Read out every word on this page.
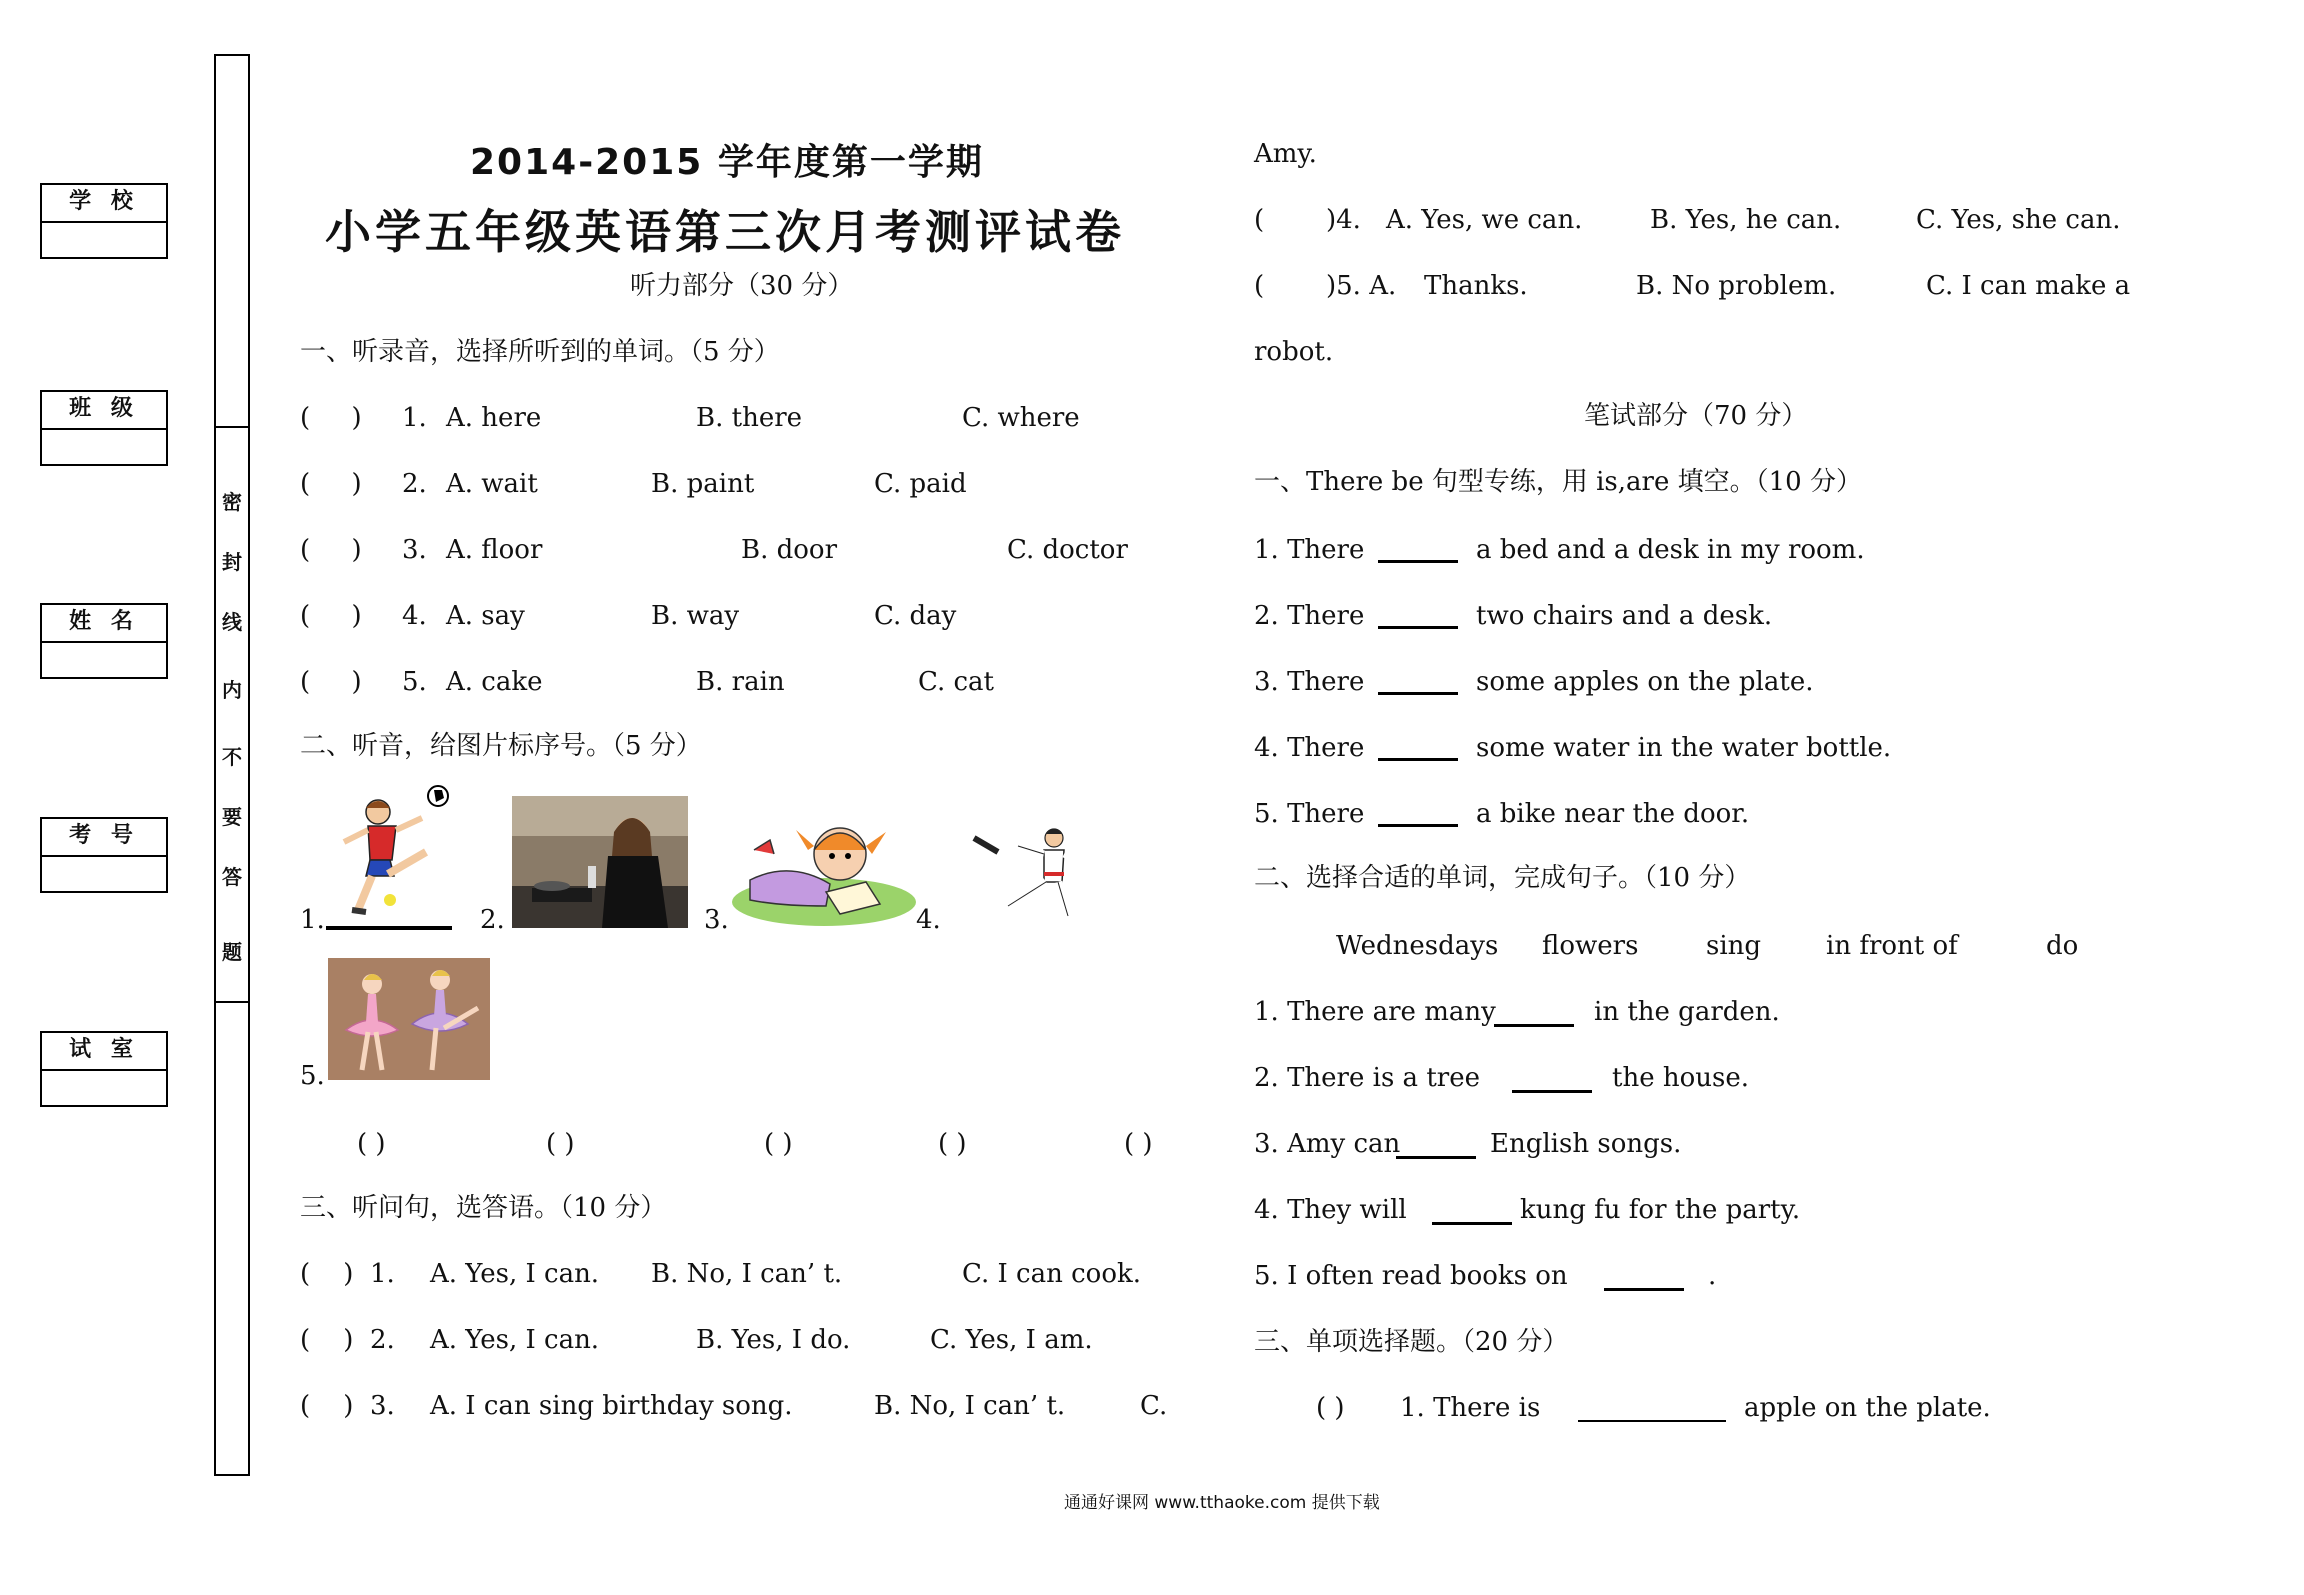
学 校
班 级
姓 名
考 号
试 室
密
封
线
内
不
要
答
题
2014-2015 学年度第一学期
小学五年级英语第三次月考测评试卷
听力部分（30 分）
一、听录音，选择所听到的单词。（5 分）
(     ) 1. A. here	B. there	C. where
(     ) 2. A. wait	B. paint	C. paid
(     ) 3. A. floor	B. door	C. doctor
(     ) 4. A. say	B. way	C. day
(     ) 5. A. cake	B. rain	C. cat
二、听音，给图片标序号。（5 分）
1.	2.	3.	4.
5.
( )	( )	( )	( )	( )
三、听问句，选答语。（10 分）
(    ) 1. A. Yes, I can. B. No, I can’ t.	C. I can cook.
(    ) 2. A. Yes, I can.	B. Yes, I do.	C. Yes, I am.
(    ) 3. A. I can sing birthday song.	B. No, I can’ t.	C.
Amy.
( )4. A. Yes, we can.	B. Yes, he can.	C. Yes, she can.
( )5. A. Thanks.	B. No problem.	C. I can make a
robot.
笔试部分（70 分）
一、There be 句型专练，用 is,are 填空。（10 分）
1. There	a bed and a desk in my room.
2. There	two chairs and a desk.
3. There	some apples on the plate.
4. There	some water in the water bottle.
5. There	a bike near the door.
二、选择合适的单词，完成句子。（10 分）
Wednesdays flowers	sing in front of	do
1. There are many	in the garden.
2. There is a tree	the house.
3. Amy can	English songs.
4. They will	kung fu for the party.
5. I often read books on	.
三、单项选择题。（20 分）
( ) 1. There is	apple on the plate.
通通好课网 www.tthaoke.com 提供下载
